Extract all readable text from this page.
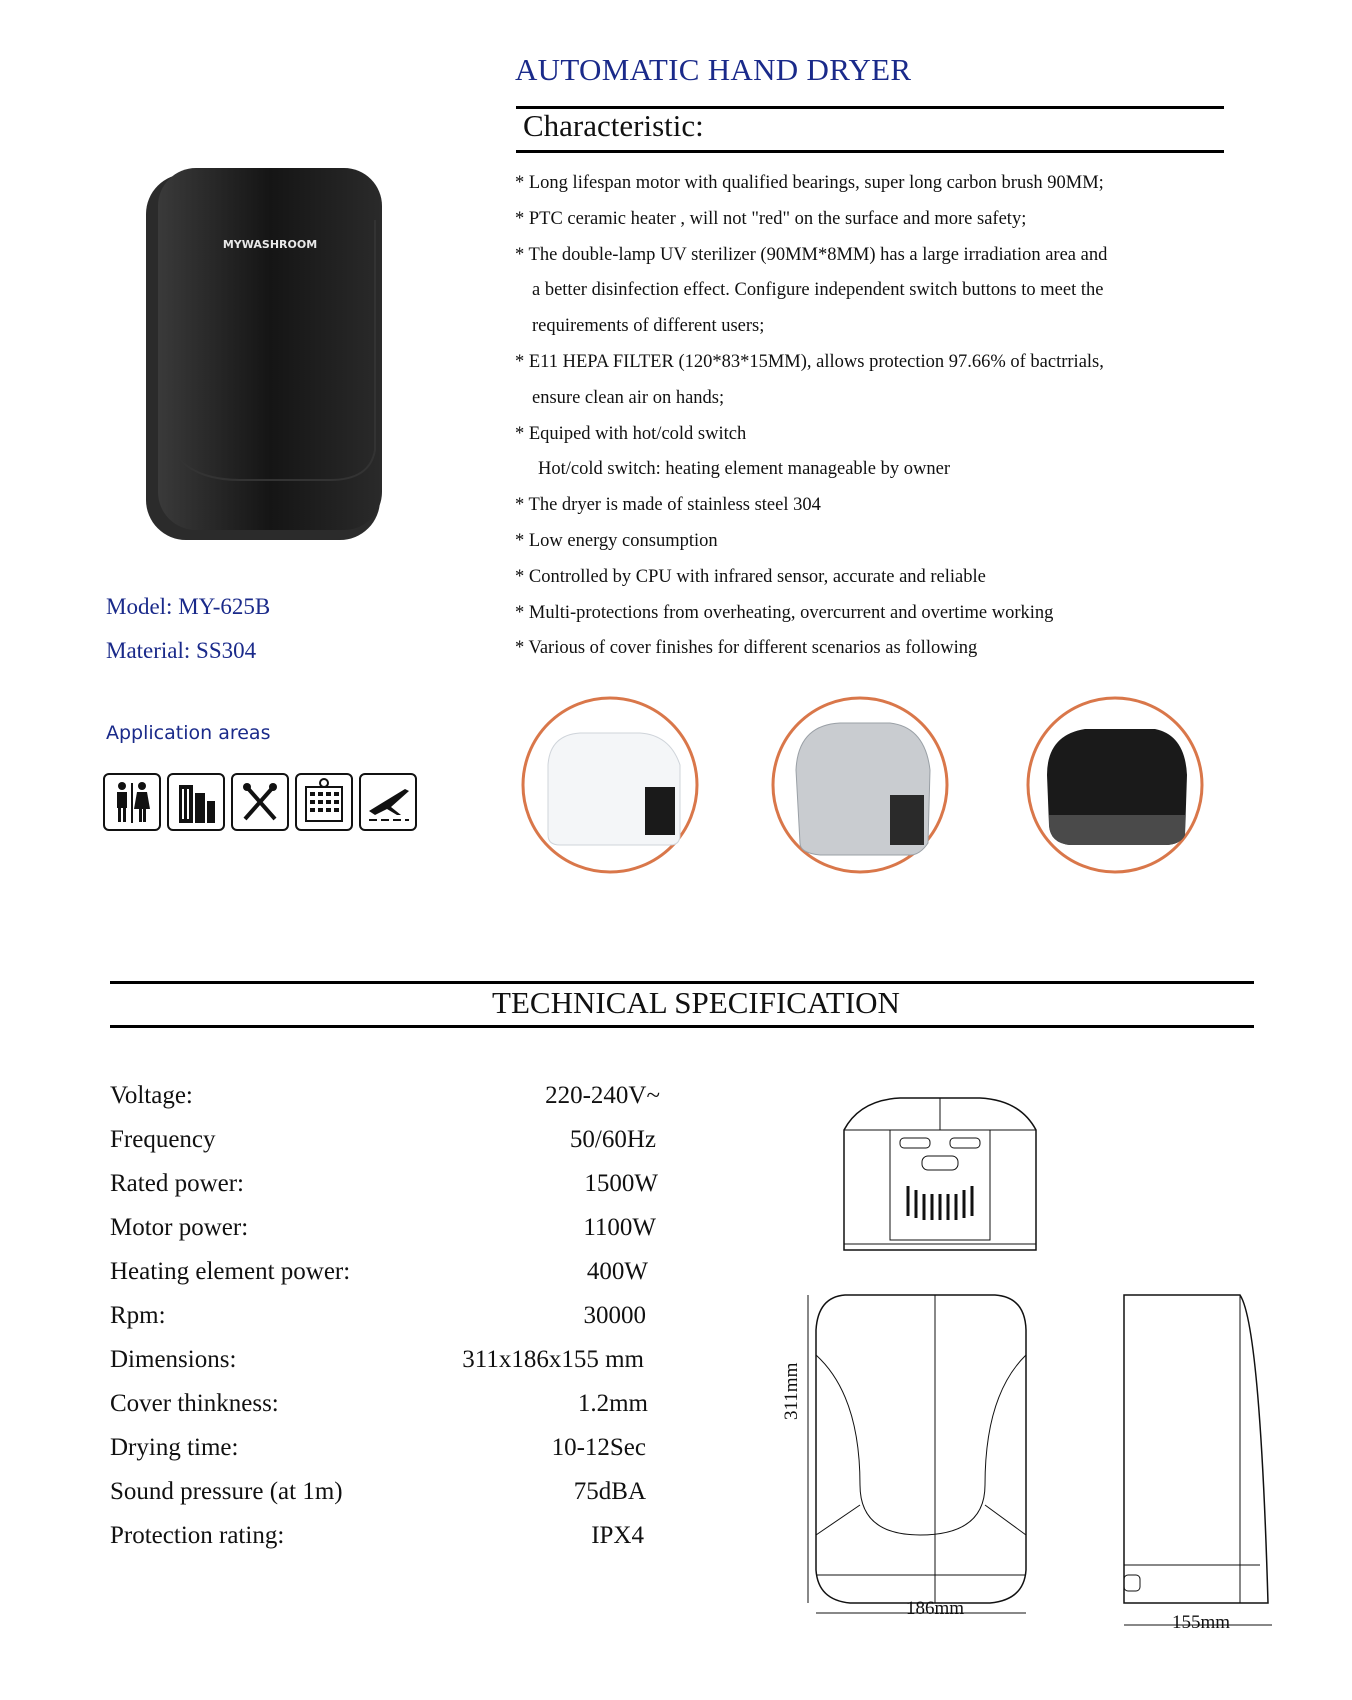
AUTOMATIC HAND DRYER
Characteristic:
* Long lifespan motor with qualified bearings, super long carbon brush 90MM;
* PTC ceramic heater , will not "red" on the surface and more safety;
* The double-lamp UV sterilizer (90MM*8MM) has a large irradiation area and
a better disinfection effect. Configure independent switch buttons to meet the
requirements of different users;
* E11 HEPA FILTER (120*83*15MM), allows protection 97.66% of bactrrials,
ensure clean air on hands;
* Equiped with hot/cold switch
Hot/cold switch: heating element manageable by owner
* The dryer is made of stainless steel 304
* Low energy consumption
* Controlled by CPU with infrared sensor, accurate and reliable
* Multi-protections from overheating, overcurrent and overtime working
* Various of cover finishes for different scenarios as following
MYWASHROOM
Model: MY-625B
Material: SS304
Application areas
TECHNICAL SPECIFICATION
Voltage:	220-240V~
Frequency	50/60Hz
Rated power:	1500W
Motor power:	1100W
Heating element power:	400W
Rpm:	30000
Dimensions:	311x186x155 mm
Cover thinkness:	1.2mm
Drying time:	10-12Sec
Sound pressure (at 1m)	75dBA
Protection rating:	IPX4
311mm
186mm
155mm
